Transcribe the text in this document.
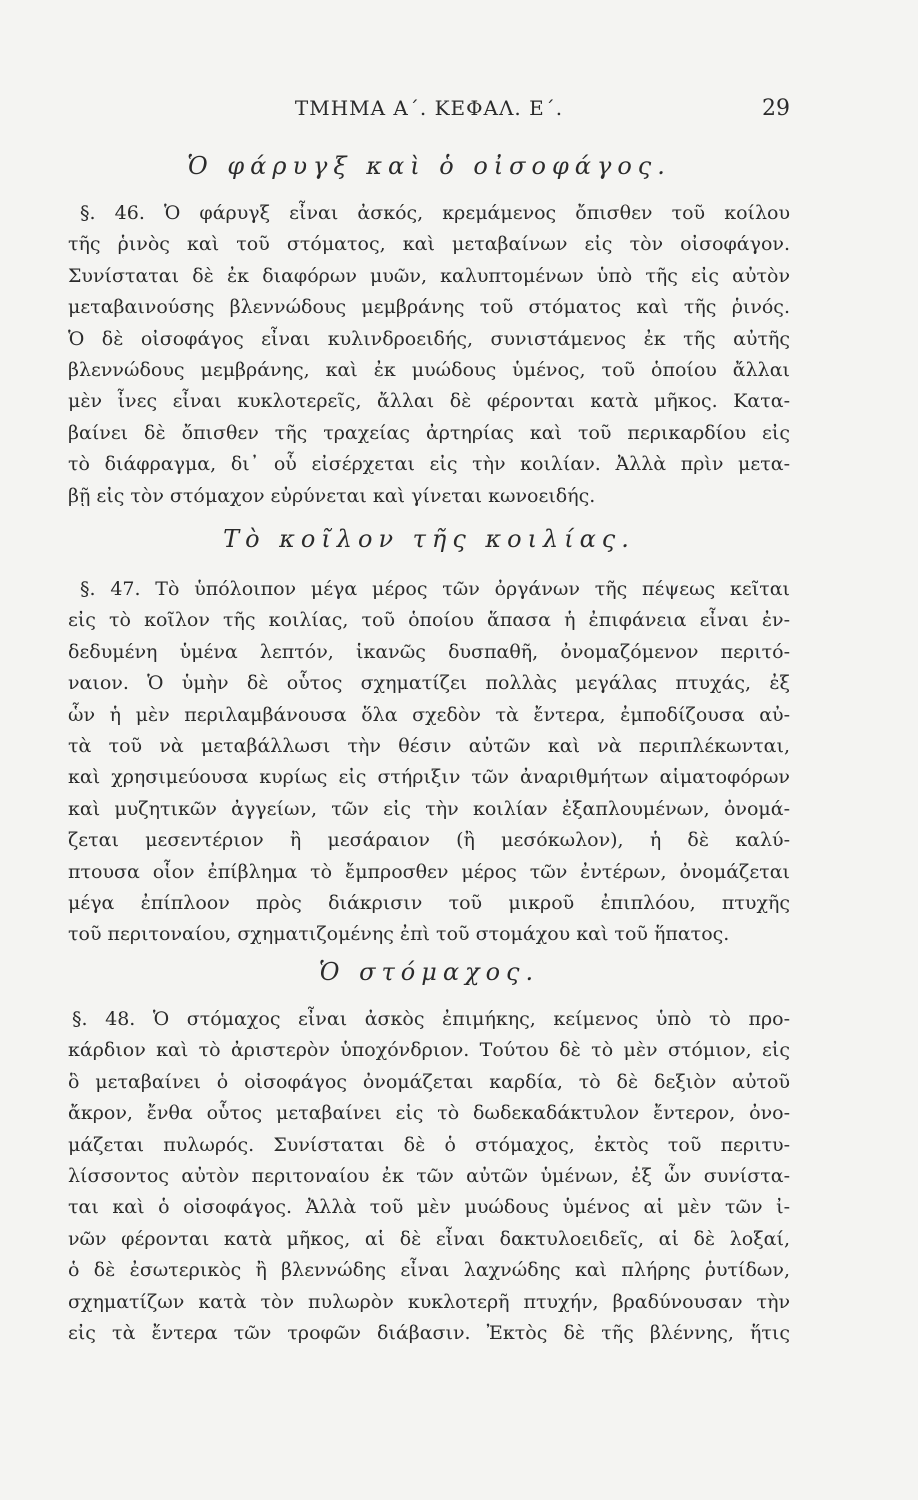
ΤΜΗΜΑ Α΄. ΚΕΦΑΛ. Ε΄.	29
Ὁ φάρυγξ καὶ ὁ οἰσοφάγος.
§. 46. Ὁ φάρυγξ εἶναι ἀσκός, κρεμάμενος ὄπισθεν τοῦ κοίλου
τῆς ῥινὸς καὶ τοῦ στόματος, καὶ μεταβαίνων εἰς τὸν οἰσοφάγον.
Συνίσταται δὲ ἐκ διαφόρων μυῶν, καλυπτομένων ὑπὸ τῆς εἰς αὐτὸν
μεταβαινούσης βλεννώδους μεμβράνης τοῦ στόματος καὶ τῆς ῥινός.
Ὁ δὲ οἰσοφάγος εἶναι κυλινδροειδής, συνιστάμενος ἐκ τῆς αὐτῆς
βλεννώδους μεμβράνης, καὶ ἐκ μυώδους ὑμένος, τοῦ ὁποίου ἄλλαι
μὲν ἶνες εἶναι κυκλοτερεῖς, ἄλλαι δὲ φέρονται κατὰ μῆκος. Κατα-
βαίνει δὲ ὄπισθεν τῆς τραχείας ἀρτηρίας καὶ τοῦ περικαρδίου εἰς
τὸ διάφραγμα, δι᾽ οὗ εἰσέρχεται εἰς τὴν κοιλίαν. Ἀλλὰ πρὶν μετα-
βῇ εἰς τὸν στόμαχον εὐρύνεται καὶ γίνεται κωνοειδής.
Τὸ κοῖλον τῆς κοιλίας.
§. 47. Τὸ ὑπόλοιπον μέγα μέρος τῶν ὀργάνων τῆς πέψεως κεῖται
εἰς τὸ κοῖλον τῆς κοιλίας, τοῦ ὁποίου ἅπασα ἡ ἐπιφάνεια εἶναι ἐν-
δεδυμένη ὑμένα λεπτόν, ἱκανῶς δυσπαθῆ, ὀνομαζόμενον περιτό-
ναιον. Ὁ ὑμὴν δὲ οὗτος σχηματίζει πολλὰς μεγάλας πτυχάς, ἐξ
ὧν ἡ μὲν περιλαμβάνουσα ὅλα σχεδὸν τὰ ἔντερα, ἐμποδίζουσα αὐ-
τὰ τοῦ νὰ μεταβάλλωσι τὴν θέσιν αὐτῶν καὶ νὰ περιπλέκωνται,
καὶ χρησιμεύουσα κυρίως εἰς στήριξιν τῶν ἀναριθμήτων αἱματοφόρων
καὶ μυζητικῶν ἀγγείων, τῶν εἰς τὴν κοιλίαν ἐξαπλουμένων, ὀνομά-
ζεται μεσεντέριον ἢ μεσάραιον (ἢ μεσόκωλον), ἡ δὲ καλύ-
πτουσα οἷον ἐπίβλημα τὸ ἔμπροσθεν μέρος τῶν ἐντέρων, ὀνομάζεται
μέγα ἐπίπλοον πρὸς διάκρισιν τοῦ μικροῦ ἐπιπλόου, πτυχῆς
τοῦ περιτοναίου, σχηματιζομένης ἐπὶ τοῦ στομάχου καὶ τοῦ ἥπατος.
Ὁ στόμαχος.
§. 48. Ὁ στόμαχος εἶναι ἀσκὸς ἐπιμήκης, κείμενος ὑπὸ τὸ προ-
κάρδιον καὶ τὸ ἀριστερὸν ὑποχόνδριον. Τούτου δὲ τὸ μὲν στόμιον, εἰς
ὃ μεταβαίνει ὁ οἰσοφάγος ὀνομάζεται καρδία, τὸ δὲ δεξιὸν αὐτοῦ
ἄκρον, ἔνθα οὗτος μεταβαίνει εἰς τὸ δωδεκαδάκτυλον ἔντερον, ὀνο-
μάζεται πυλωρός. Συνίσταται δὲ ὁ στόμαχος, ἐκτὸς τοῦ περιτυ-
λίσσοντος αὐτὸν περιτοναίου ἐκ τῶν αὐτῶν ὑμένων, ἐξ ὧν συνίστα-
ται καὶ ὁ οἰσοφάγος. Ἀλλὰ τοῦ μὲν μυώδους ὑμένος αἱ μὲν τῶν ἰ-
νῶν φέρονται κατὰ μῆκος, αἱ δὲ εἶναι δακτυλοειδεῖς, αἱ δὲ λοξαί,
ὁ δὲ ἐσωτερικὸς ἢ βλεννώδης εἶναι λαχνώδης καὶ πλήρης ῥυτίδων,
σχηματίζων κατὰ τὸν πυλωρὸν κυκλοτερῆ πτυχήν, βραδύνουσαν τὴν
εἰς τὰ ἔντερα τῶν τροφῶν διάβασιν. Ἐκτὸς δὲ τῆς βλέννης, ἥτις
